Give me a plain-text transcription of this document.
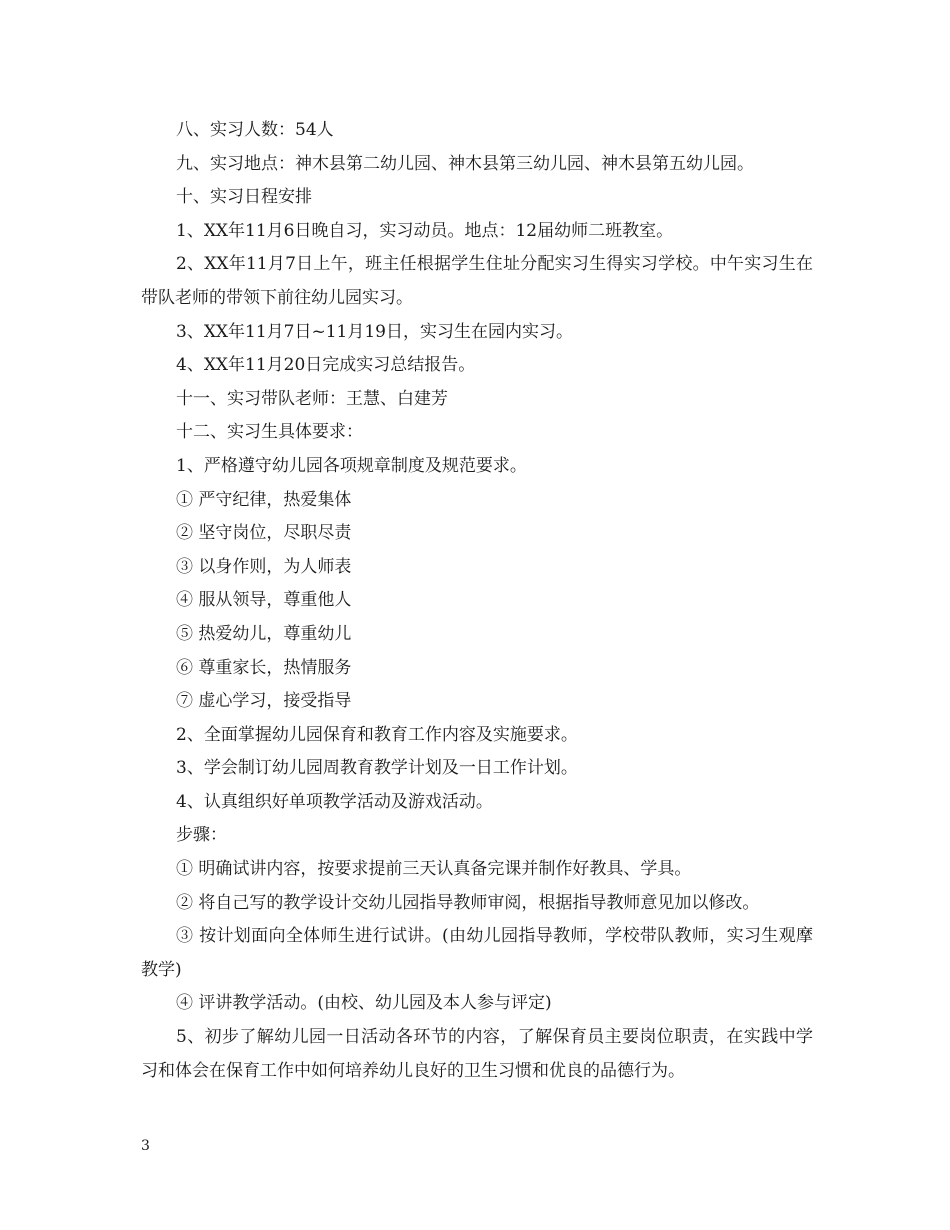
八、实习人数：54人

九、实习地点：神木县第二幼儿园、神木县第三幼儿园、神木县第五幼儿园。

十、实习日程安排

1、XX年11月6日晚自习，实习动员。地点：12届幼师二班教室。

2、XX年11月7日上午，班主任根据学生住址分配实习生得实习学校。中午实习生在带队老师的带领下前往幼儿园实习。

3、XX年11月7日~11月19日，实习生在园内实习。

4、XX年11月20日完成实习总结报告。

十一、实习带队老师：王慧、白建芳

十二、实习生具体要求：

1、严格遵守幼儿园各项规章制度及规范要求。

① 严守纪律，热爱集体

② 坚守岗位，尽职尽责

③ 以身作则，为人师表

④ 服从领导，尊重他人

⑤ 热爱幼儿，尊重幼儿

⑥ 尊重家长，热情服务

⑦ 虚心学习，接受指导

2、全面掌握幼儿园保育和教育工作内容及实施要求。

3、学会制订幼儿园周教育教学计划及一日工作计划。

4、认真组织好单项教学活动及游戏活动。

步骤：

① 明确试讲内容，按要求提前三天认真备完课并制作好教具、学具。

② 将自己写的教学设计交幼儿园指导教师审阅，根据指导教师意见加以修改。

③ 按计划面向全体师生进行试讲。(由幼儿园指导教师，学校带队教师，实习生观摩教学)

④ 评讲教学活动。(由校、幼儿园及本人参与评定)

5、初步了解幼儿园一日活动各环节的内容，了解保育员主要岗位职责，在实践中学习和体会在保育工作中如何培养幼儿良好的卫生习惯和优良的品德行为。

3
